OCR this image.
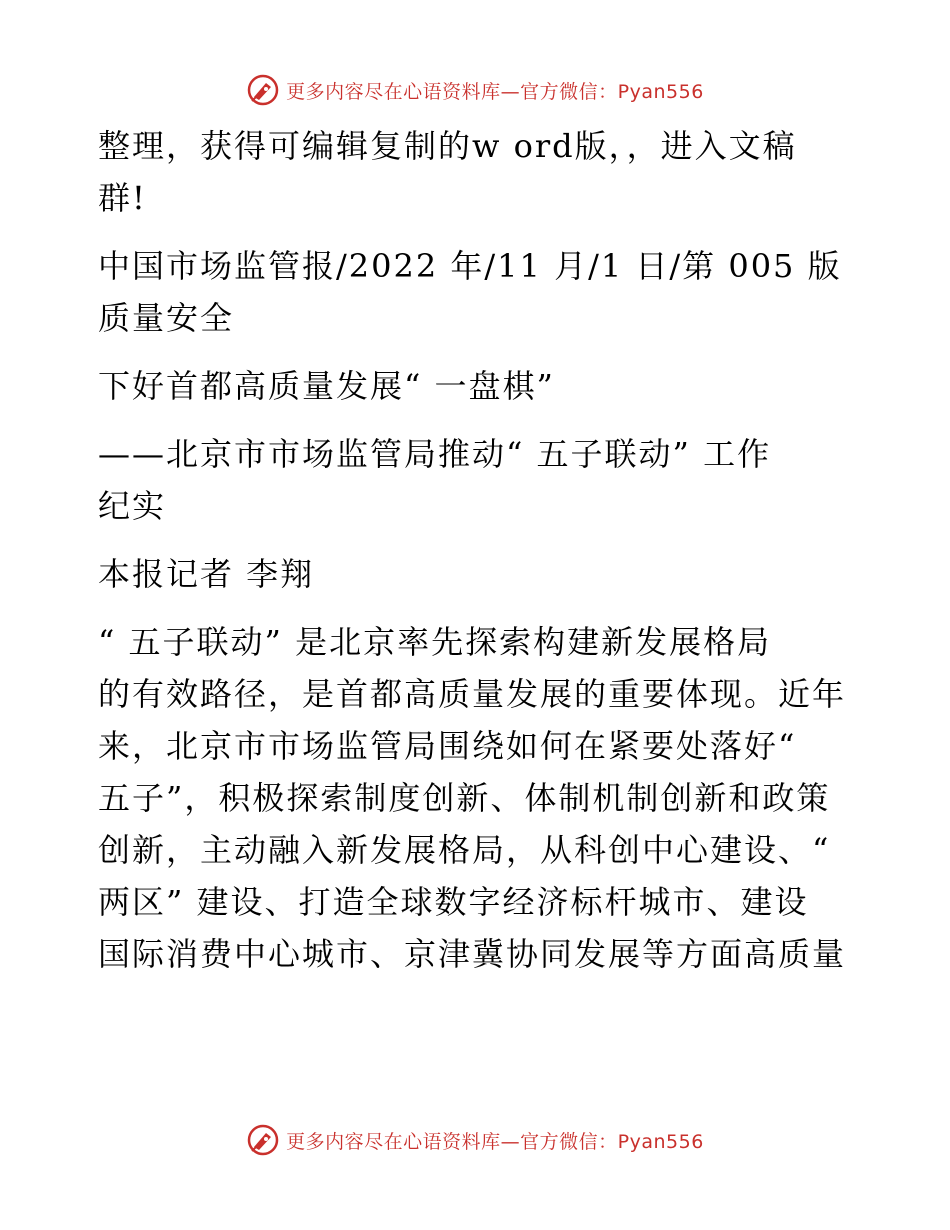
更多内容尽在心语资料库—官方微信：Pyan556

整理，获得可编辑复制的w ord版，，进入文稿
群!

中国市场监管报/2022 年/11 月/1 日/第 005 版
质量安全

下好首都高质量发展“ 一盘棋”

——北京市市场监管局推动“ 五子联动” 工作
纪实

本报记者 李翔

“ 五子联动” 是北京率先探索构建新发展格局
的有效路径，是首都高质量发展的重要体现。近年
来，北京市市场监管局围绕如何在紧要处落好“
五子”，积极探索制度创新、体制机制创新和政策
创新，主动融入新发展格局，从科创中心建设、“
两区” 建设、打造全球数字经济标杆城市、建设
国际消费中心城市、京津冀协同发展等方面高质量

更多内容尽在心语资料库—官方微信：Pyan556
